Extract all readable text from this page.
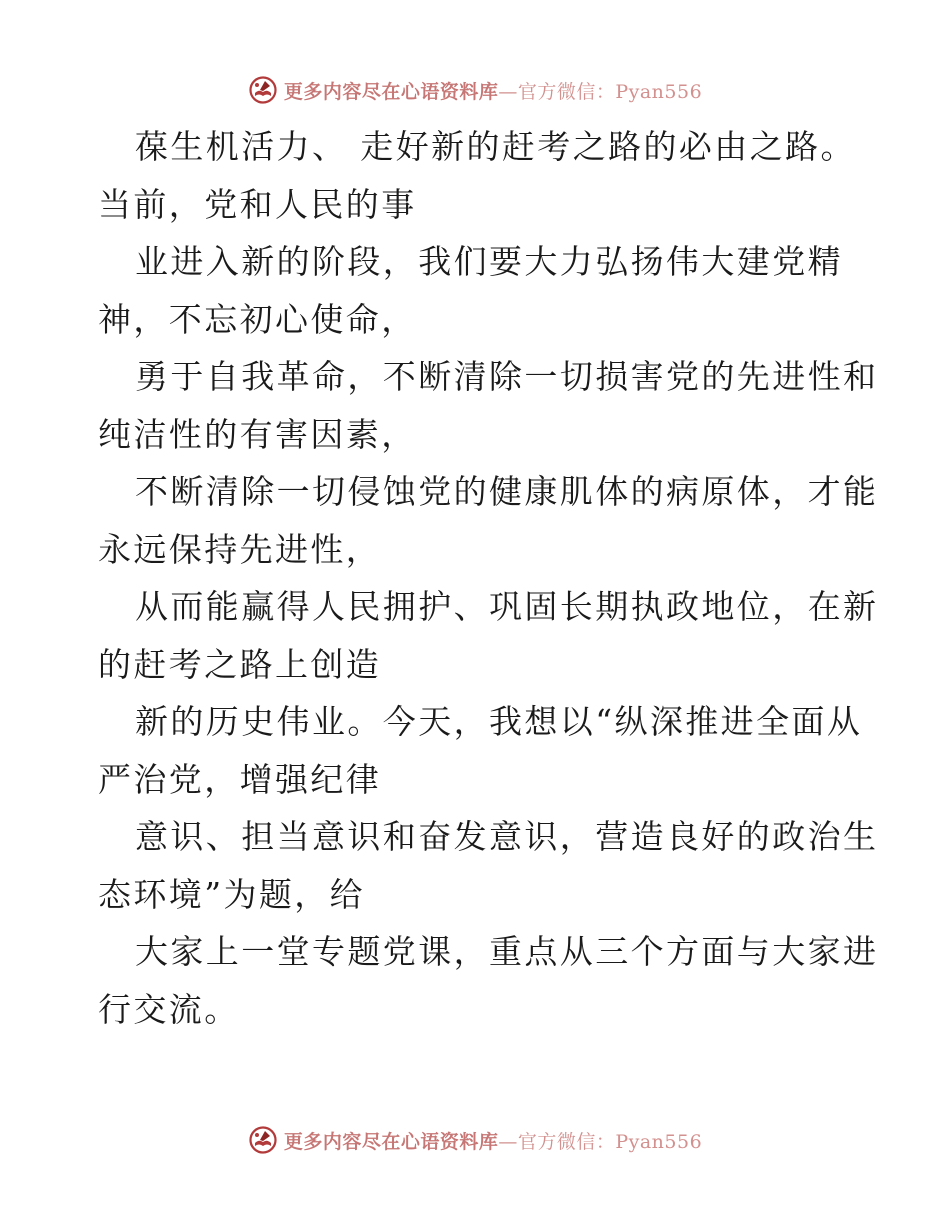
更多内容尽在心语资料库—官方微信：Pyan556
葆生机活力、 走好新的赶考之路的必由之路。
当前，党和人民的事
业进入新的阶段，我们要大力弘扬伟大建党精
神，不忘初心使命，
勇于自我革命，不断清除一切损害党的先进性和
纯洁性的有害因素，
不断清除一切侵蚀党的健康肌体的病原体，才能
永远保持先进性，
从而能赢得人民拥护、巩固长期执政地位，在新
的赶考之路上创造
新的历史伟业。今天，我想以“纵深推进全面从
严治党，增强纪律
意识、担当意识和奋发意识，营造良好的政治生
态环境”为题，给
大家上一堂专题党课，重点从三个方面与大家进
行交流。
更多内容尽在心语资料库—官方微信：Pyan556
